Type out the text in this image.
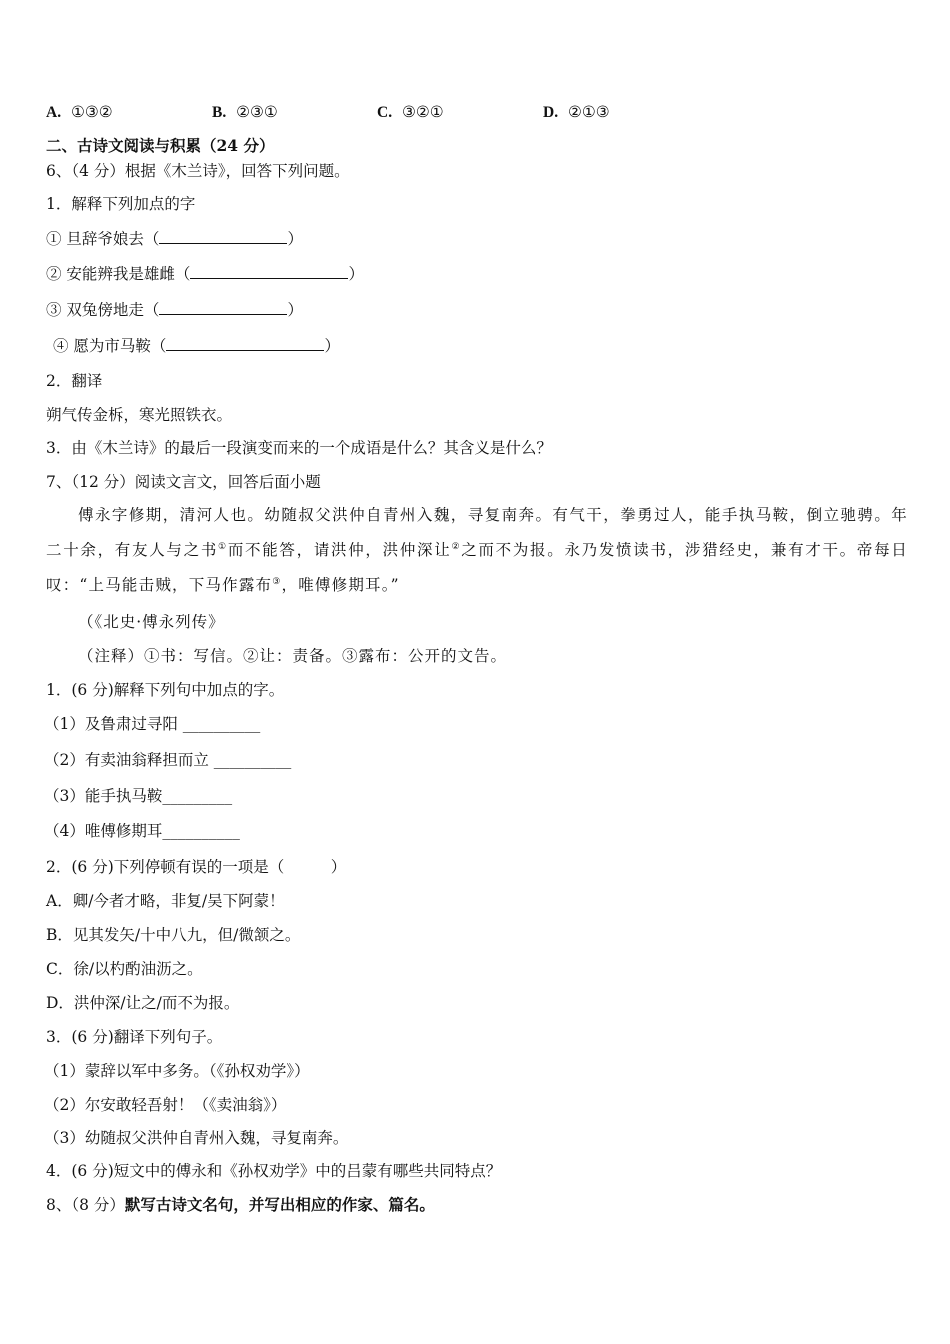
A. ①③②	B. ②③①	C. ③②①	D. ②①③
二、古诗文阅读与积累（24 分）
6、（4 分）根据《木兰诗》，回答下列问题。
1．解释下列加点的字
① 旦辞爷娘去（	）
② 安能辨我是雄雌（	）
③ 双兔傍地走（	）
④ 愿为市马鞍（	）
2．翻译
朔气传金柝，寒光照铁衣。
3．由《木兰诗》的最后一段演变而来的一个成语是什么？其含义是什么？
7、（12 分）阅读文言文，回答后面小题
傅永字修期，清河人也。幼随叔父洪仲自青州入魏，寻复南奔。有气干，拳勇过人，能手执马鞍，倒立驰骋。年二十余，有友人与之书①而不能答，请洪仲，洪仲深让②之而不为报。永乃发愤读书，涉猎经史，兼有才干。帝每日叹：“上马能击贼，下马作露布③，唯傅修期耳。”
（《北史·傅永列传》
（注释）①书：写信。②让：责备。③露布：公开的文告。
1．(6 分)解释下列句中加点的字。
（1）及鲁肃过寻阳 __________
（2）有卖油翁释担而立 __________
（3）能手执马鞍_________
（4）唯傅修期耳__________
2．(6 分)下列停顿有误的一项是（　　　）
A．卿/今者才略，非复/吴下阿蒙！
B．见其发矢/十中八九，但/微颔之。
C．徐/以杓酌油沥之。
D．洪仲深/让之/而不为报。
3．(6 分)翻译下列句子。
（1）蒙辞以军中多务。（《孙权劝学》）
（2）尔安敢轻吾射！（《卖油翁》）
（3）幼随叔父洪仲自青州入魏，寻复南奔。
4．(6 分)短文中的傅永和《孙权劝学》中的吕蒙有哪些共同特点？
8、（8 分）默写古诗文名句，并写出相应的作家、篇名。
